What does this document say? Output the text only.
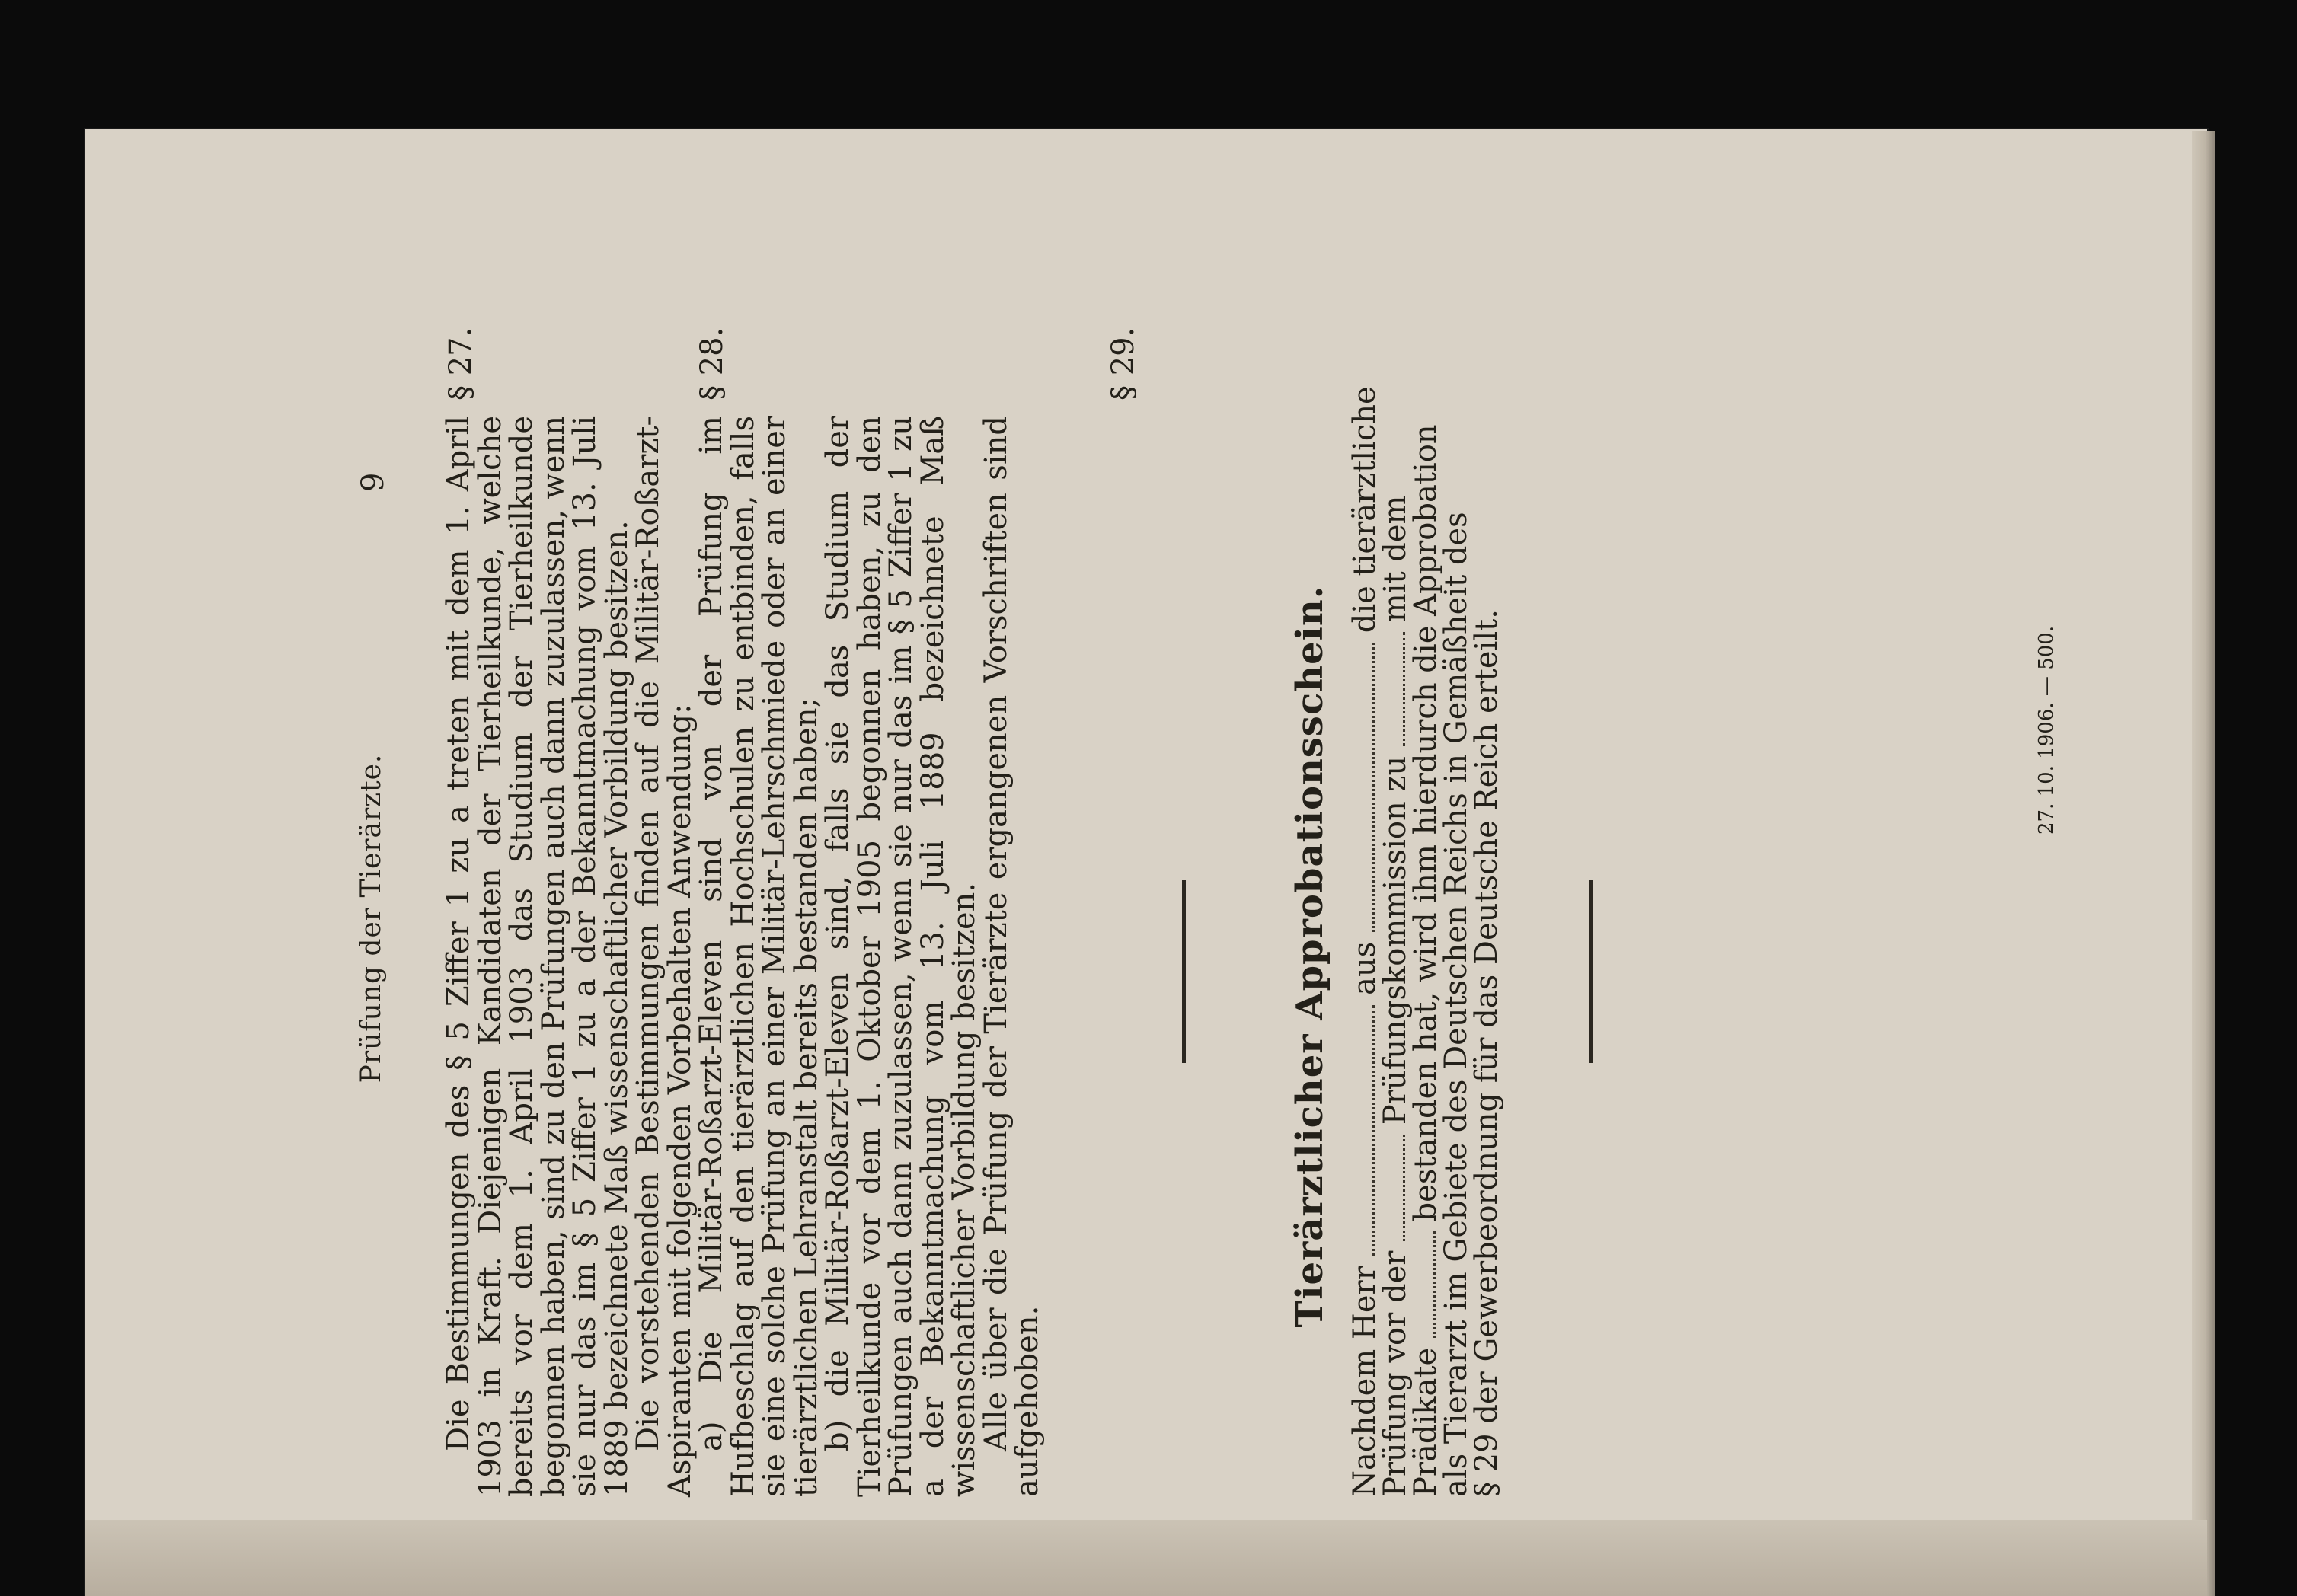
Prüfung der Tierärzte.
9 Die Bestimmungen des § 5 Ziffer 1 zu a treten mit dem 1. April 1903 in Kraft. Diejenigen Kandidaten der Tierheilkunde, welche bereits vor dem 1. April 1903 das Studium der Tierheilkunde begonnen haben, sind zu den Prüfungen auch dann zuzulassen, wenn sie nur das im § 5 Ziffer 1 zu a der Bekanntmachung vom 13. Juli 1889 bezeichnete Maß wissenschaftlicher Vorbildung besitzen.

Die vorstehenden Bestimmungen finden auf die Militär-Roßarzt-Aspiranten mit folgenden Vorbehalten Anwendung:

a) Die Militär-Roßarzt-Eleven sind von der Prüfung im Hufbeschlag auf den tierärztlichen Hochschulen zu entbinden, falls sie eine solche Prüfung an einer Militär-Lehrschmiede oder an einer tierärztlichen Lehranstalt bereits bestanden haben;

b) die Militär-Roßarzt-Eleven sind, falls sie das Studium der Tierheilkunde vor dem 1. Oktober 1905 begonnen haben, zu den Prüfungen auch dann zuzulassen, wenn sie nur das im § 5 Ziffer 1 zu a der Bekanntmachung vom 13. Juli 1889 bezeichnete Maß wissenschaftlicher Vorbildung besitzen.

Alle über die Prüfung der Tierärzte ergangenen Vorschriften sind aufgehoben.

§ 27.	§ 28.	§ 29.
Tierärztlicher Approbationsschein.

Nachdem Herr  aus  die tierärztliche

Prüfung vor der  Prüfungskommission zu  mit dem

Prädikate  bestanden hat, wird ihm hierdurch die Approbation

als Tierarzt im Gebiete des Deutschen Reichs in Gemäßheit des

§ 29 der Gewerbeordnung für das Deutsche Reich erteilt.	27. 10. 1906. — 500.
